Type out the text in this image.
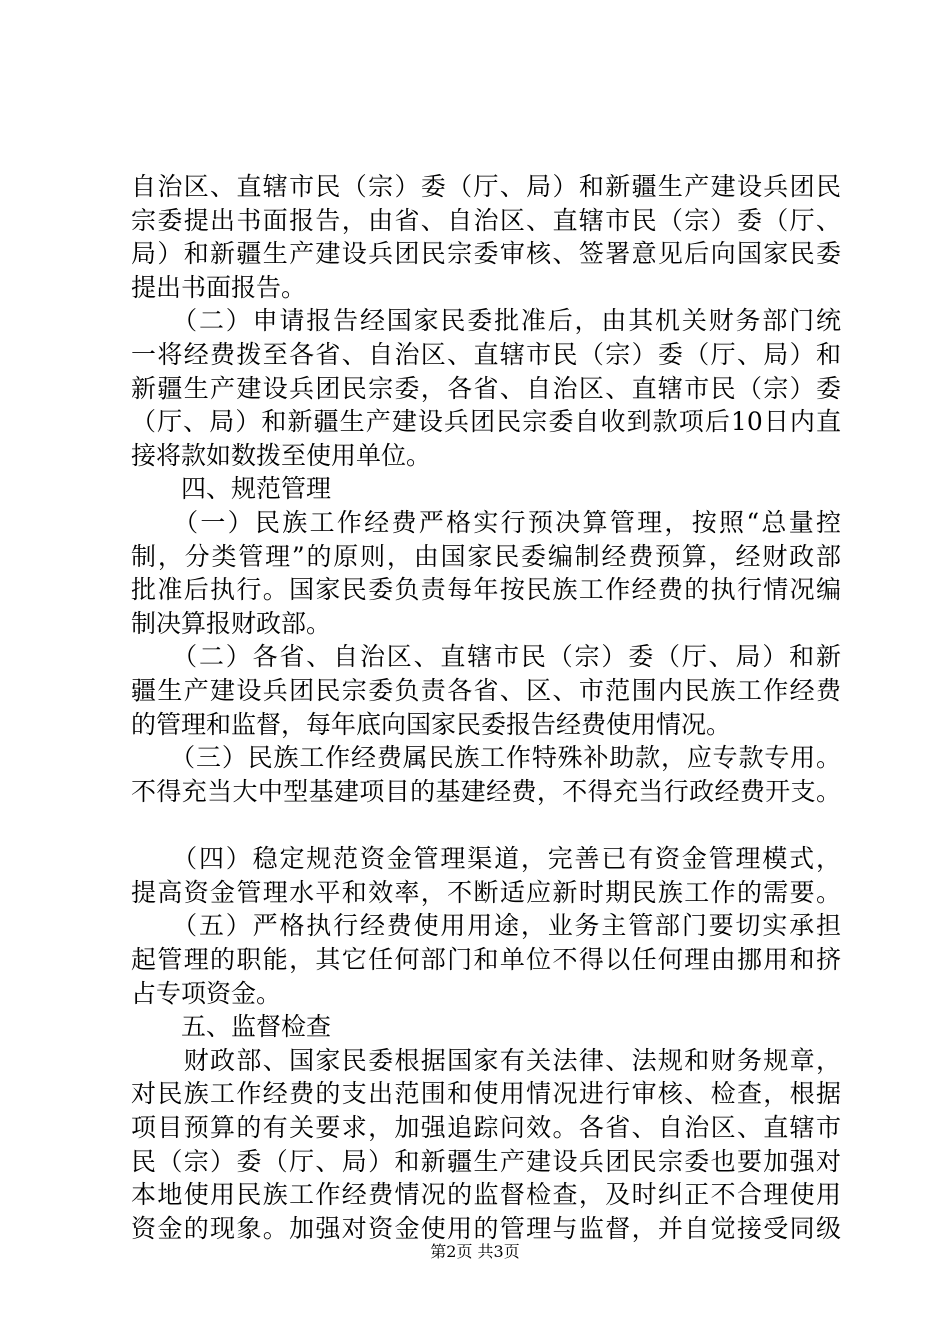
自治区、直辖市民（宗）委（厅、局）和新疆生产建设兵团民
宗委提出书面报告，由省、自治区、直辖市民（宗）委（厅、
局）和新疆生产建设兵团民宗委审核、签署意见后向国家民委
提出书面报告。
　　（二）申请报告经国家民委批准后，由其机关财务部门统
一将经费拨至各省、自治区、直辖市民（宗）委（厅、局）和
新疆生产建设兵团民宗委，各省、自治区、直辖市民（宗）委
（厅、局）和新疆生产建设兵团民宗委自收到款项后10日内直
接将款如数拨至使用单位。
　　四、规范管理
　　（一）民族工作经费严格实行预决算管理，按照“总量控
制，分类管理”的原则，由国家民委编制经费预算，经财政部
批准后执行。国家民委负责每年按民族工作经费的执行情况编
制决算报财政部。
　　（二）各省、自治区、直辖市民（宗）委（厅、局）和新
疆生产建设兵团民宗委负责各省、区、市范围内民族工作经费
的管理和监督，每年底向国家民委报告经费使用情况。
　　（三）民族工作经费属民族工作特殊补助款，应专款专用。
不得充当大中型基建项目的基建经费，不得充当行政经费开支。
　　（四）稳定规范资金管理渠道，完善已有资金管理模式，
提高资金管理水平和效率，不断适应新时期民族工作的需要。
　　（五）严格执行经费使用用途，业务主管部门要切实承担
起管理的职能，其它任何部门和单位不得以任何理由挪用和挤
占专项资金。
　　五、监督检查
　　财政部、国家民委根据国家有关法律、法规和财务规章，
对民族工作经费的支出范围和使用情况进行审核、检查，根据
项目预算的有关要求，加强追踪问效。各省、自治区、直辖市
民（宗）委（厅、局）和新疆生产建设兵团民宗委也要加强对
本地使用民族工作经费情况的监督检查，及时纠正不合理使用
资金的现象。加强对资金使用的管理与监督，并自觉接受同级
第2页 共3页
